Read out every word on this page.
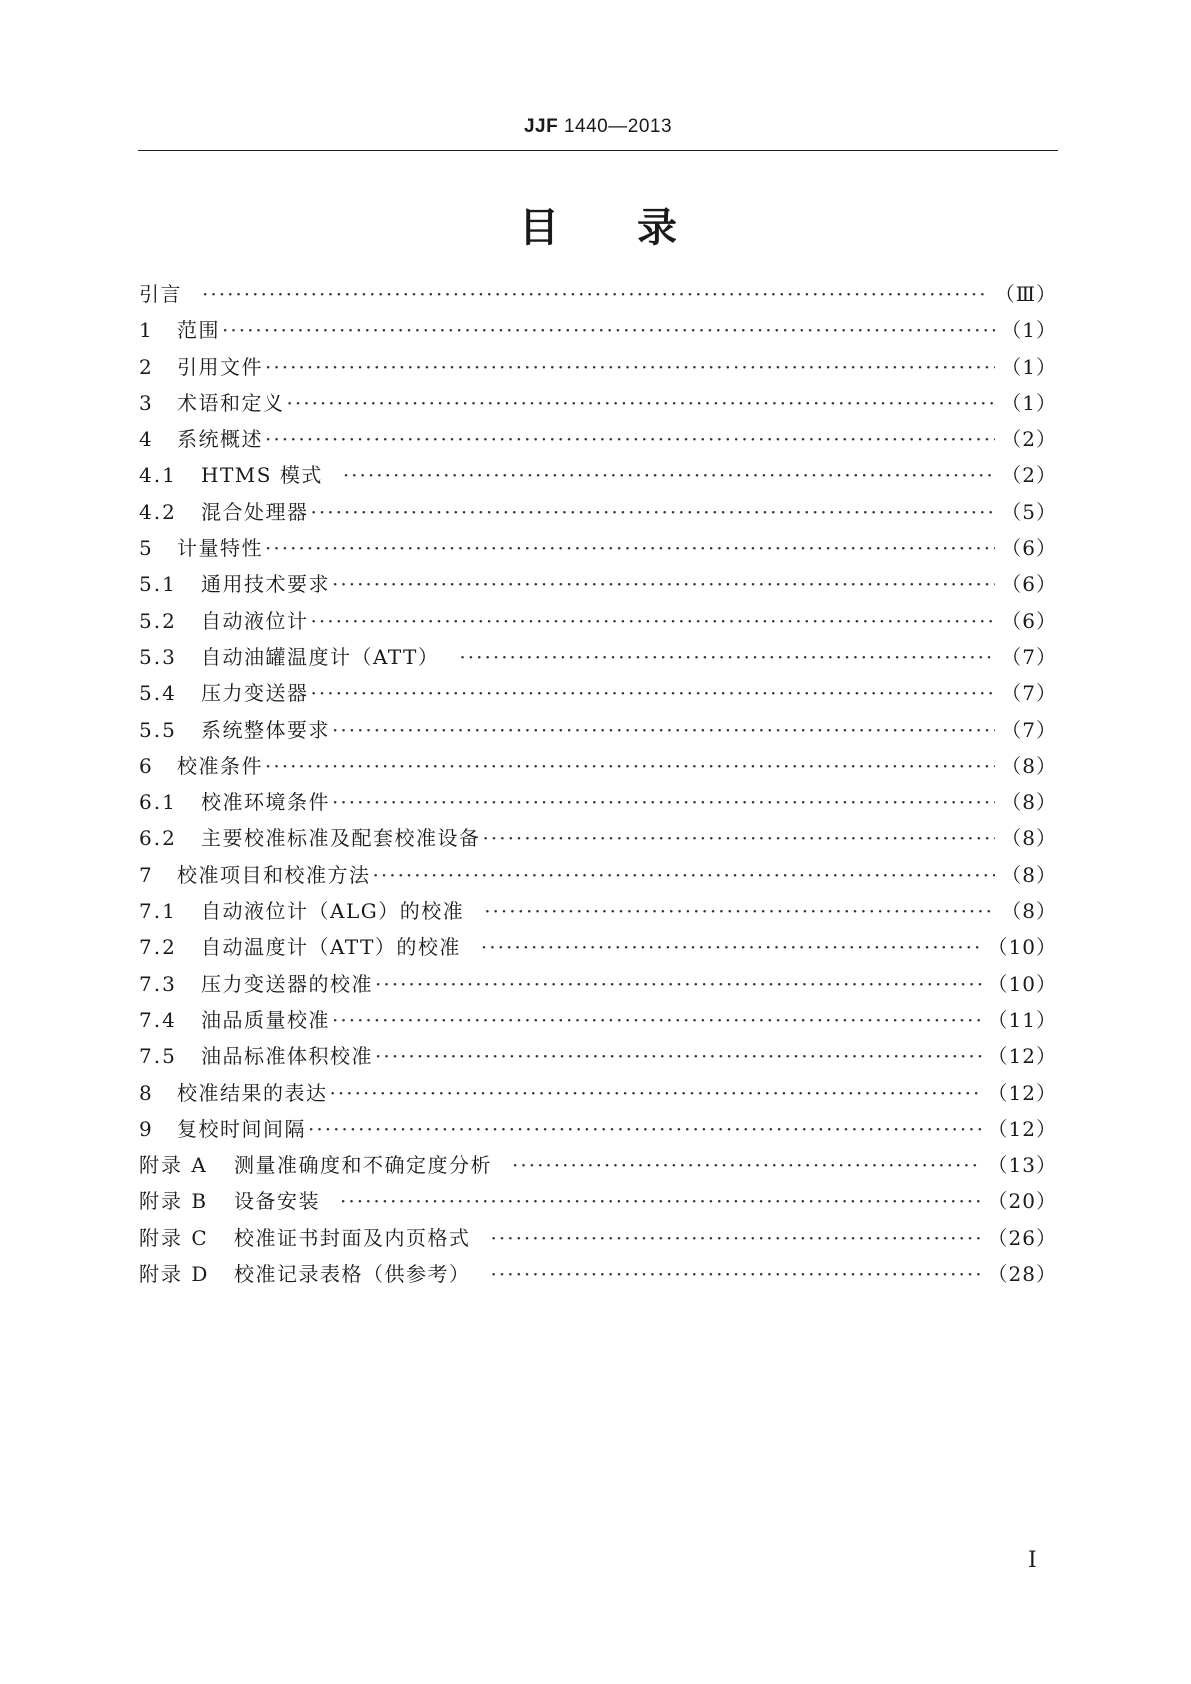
JJF 1440—2013
目录
引言 ·····	（Ⅲ）
1	范围 ·····	（1）
2	引用文件 ·····	（1）
3	术语和定义 ·····	（1）
4	系统概述 ·····	（2）
4.1	HTMS 模式 ·····	（2）
4.2	混合处理器 ·····	（5）
5	计量特性 ·····	（6）
5.1	通用技术要求 ·····	（6）
5.2	自动液位计 ·····	（6）
5.3	自动油罐温度计（ATT） ·····	（7）
5.4	压力变送器 ·····	（7）
5.5	系统整体要求 ·····	（7）
6	校准条件 ·····	（8）
6.1	校准环境条件 ·····	（8）
6.2	主要校准标准及配套校准设备 ·····	（8）
7	校准项目和校准方法 ·····	（8）
7.1	自动液位计（ALG）的校准 ·····	（8）
7.2	自动温度计（ATT）的校准 ·····	（10）
7.3	压力变送器的校准 ·····	（10）
7.4	油品质量校准 ·····	（11）
7.5	油品标准体积校准 ·····	（12）
8	校准结果的表达 ·····	（12）
9	复校时间间隔 ·····	（12）
附录 A	测量准确度和不确定度分析 ·····	（13）
附录 B	设备安装 ·····	（20）
附录 C	校准证书封面及内页格式 ·····	（26）
附录 D	校准记录表格（供参考） ·····	（28）
I
